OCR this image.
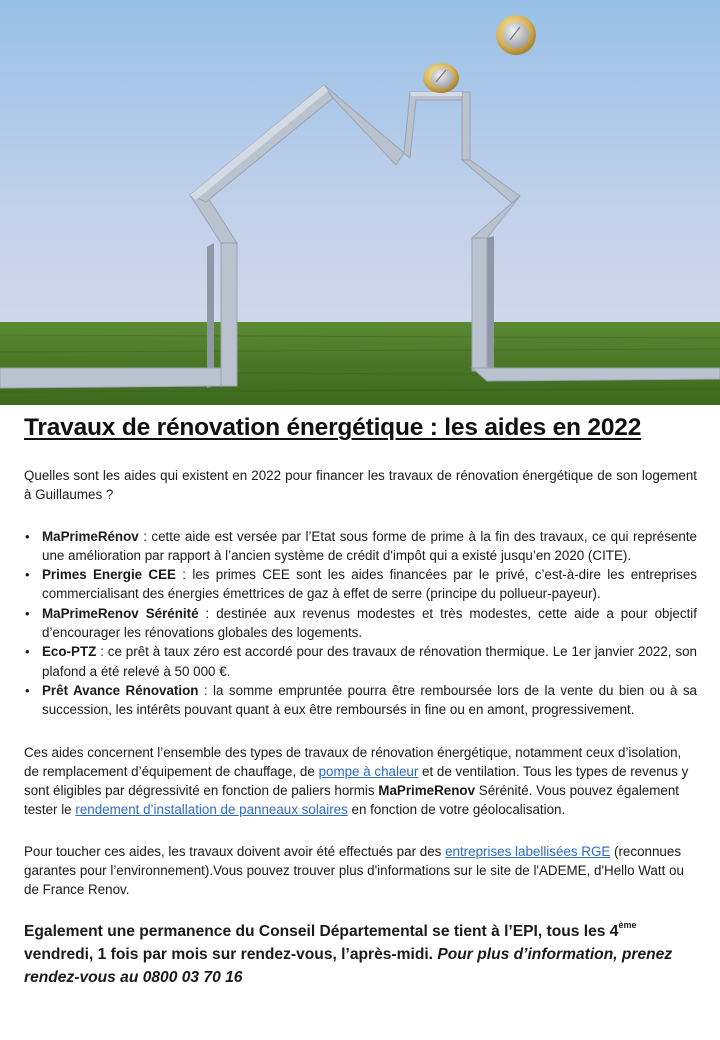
Travaux de rénovation énergétique : les aides en 2022

Quelles sont les aides qui existent en 2022 pour financer les travaux de rénovation énergétique de son logement à Guillaumes ?

• MaPrimeRénov : cette aide est versée par l’Etat sous forme de prime à la fin des travaux, ce qui représente une amélioration par rapport à l’ancien système de crédit d'impôt qui a existé jusqu’en 2020 (CITE).
• Primes Energie CEE : les primes CEE sont les aides financées par le privé, c’est-à-dire les entreprises commercialisant des énergies émettrices de gaz à effet de serre (principe du pollueur-payeur).
• MaPrimeRenov Sérénité : destinée aux revenus modestes et très modestes, cette aide a pour objectif d’encourager les rénovations globales des logements.
• Eco-PTZ : ce prêt à taux zéro est accordé pour des travaux de rénovation thermique. Le 1er janvier 2022, son plafond a été relevé à 50 000 €.
• Prêt Avance Rénovation : la somme empruntée pourra être remboursée lors de la vente du bien ou à sa succession, les intérêts pouvant quant à eux être remboursés in fine ou en amont, progressivement.

Ces aides concernent l’ensemble des types de travaux de rénovation énergétique, notamment ceux d’isolation, de remplacement d’équipement de chauffage, de pompe à chaleur et de ventilation. Tous les types de revenus y sont éligibles par dégressivité en fonction de paliers hormis MaPrimeRenov Sérénité. Vous pouvez également tester le rendement d’installation de panneaux solaires en fonction de votre géolocalisation.

Pour toucher ces aides, les travaux doivent avoir été effectués par des entreprises labellisées RGE (reconnues garantes pour l’environnement).Vous pouvez trouver plus d'informations sur le site de l'ADEME, d'Hello Watt ou de France Renov.

Egalement une permanence du Conseil Départemental se tient à l’EPI, tous les 4ème vendredi, 1 fois par mois sur rendez-vous, l’après-midi. Pour plus d’information, prenez rendez-vous au 0800 03 70 16
